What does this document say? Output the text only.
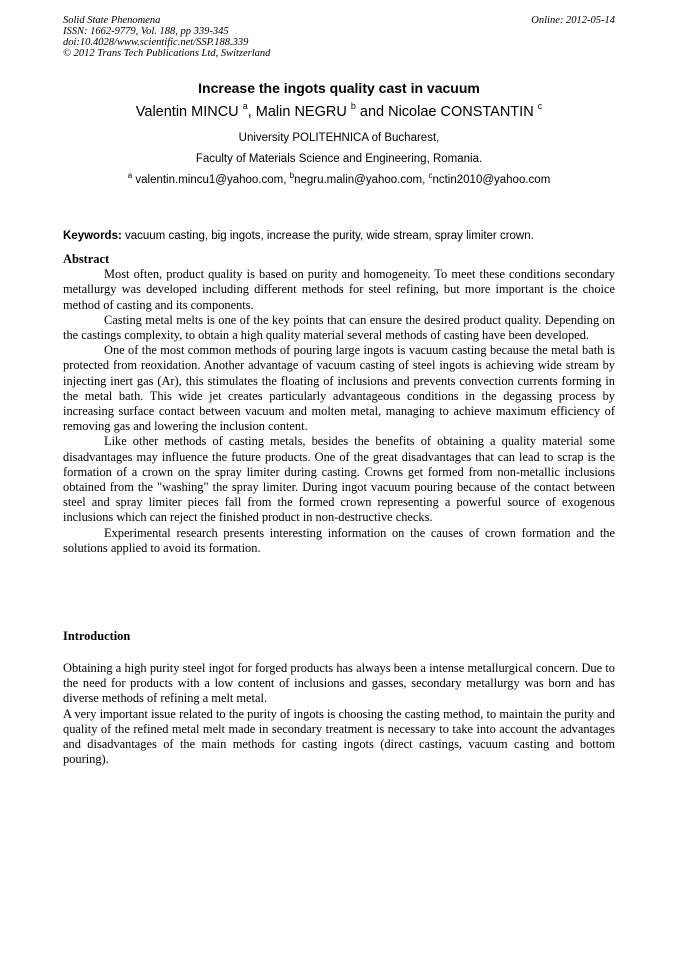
Solid State Phenomena
ISSN: 1662-9779, Vol. 188, pp 339-345
doi:10.4028/www.scientific.net/SSP.188.339
© 2012 Trans Tech Publications Ltd, Switzerland
Online: 2012-05-14
Increase the ingots quality cast in vacuum
Valentin MINCU $^a$, Malin NEGRU $^b$ and Nicolae CONSTANTIN $^c$
University POLITEHNICA of Bucharest,
Faculty of Materials Science and Engineering, Romania.
$^a$ valentin.mincu1@yahoo.com, $^b$negru.malin@yahoo.com, $^c$nctin2010@yahoo.com
Keywords: vacuum casting, big ingots, increase the purity, wide stream, spray limiter crown.

Abstract

Most often, product quality is based on purity and homogeneity. To meet these conditions secondary metallurgy was developed including different methods for steel refining, but more important is the choice method of casting and its components.

Casting metal melts is one of the key points that can ensure the desired product quality. Depending on the castings complexity, to obtain a high quality material several methods of casting have been developed.

One of the most common methods of pouring large ingots is vacuum casting because the metal bath is protected from reoxidation. Another advantage of vacuum casting of steel ingots is achieving wide stream by injecting inert gas (Ar), this stimulates the floating of inclusions and prevents convection currents forming in the metal bath. This wide jet creates particularly advantageous conditions in the degassing process by increasing surface contact between vacuum and molten metal, managing to achieve maximum efficiency of removing gas and lowering the inclusion content.

Like other methods of casting metals, besides the benefits of obtaining a quality material some disadvantages may influence the future products. One of the great disadvantages that can lead to scrap is the formation of a crown on the spray limiter during casting. Crowns get formed from non-metallic inclusions obtained from the "washing" the spray limiter. During ingot vacuum pouring because of the contact between steel and spray limiter pieces fall from the formed crown representing a powerful source of exogenous inclusions which can reject the finished product in non-destructive checks.

Experimental research presents interesting information on the causes of crown formation and the solutions applied to avoid its formation.

Introduction

Obtaining a high purity steel ingot for forged products has always been a intense metallurgical concern. Due to the need for products with a low content of inclusions and gasses, secondary metallurgy was born and has diverse methods of refining a melt metal.

A very important issue related to the purity of ingots is choosing the casting method, to maintain the purity and quality of the refined metal melt made in secondary treatment is necessary to take into account the advantages and disadvantages of the main methods for casting ingots (direct castings, vacuum casting and bottom pouring).
